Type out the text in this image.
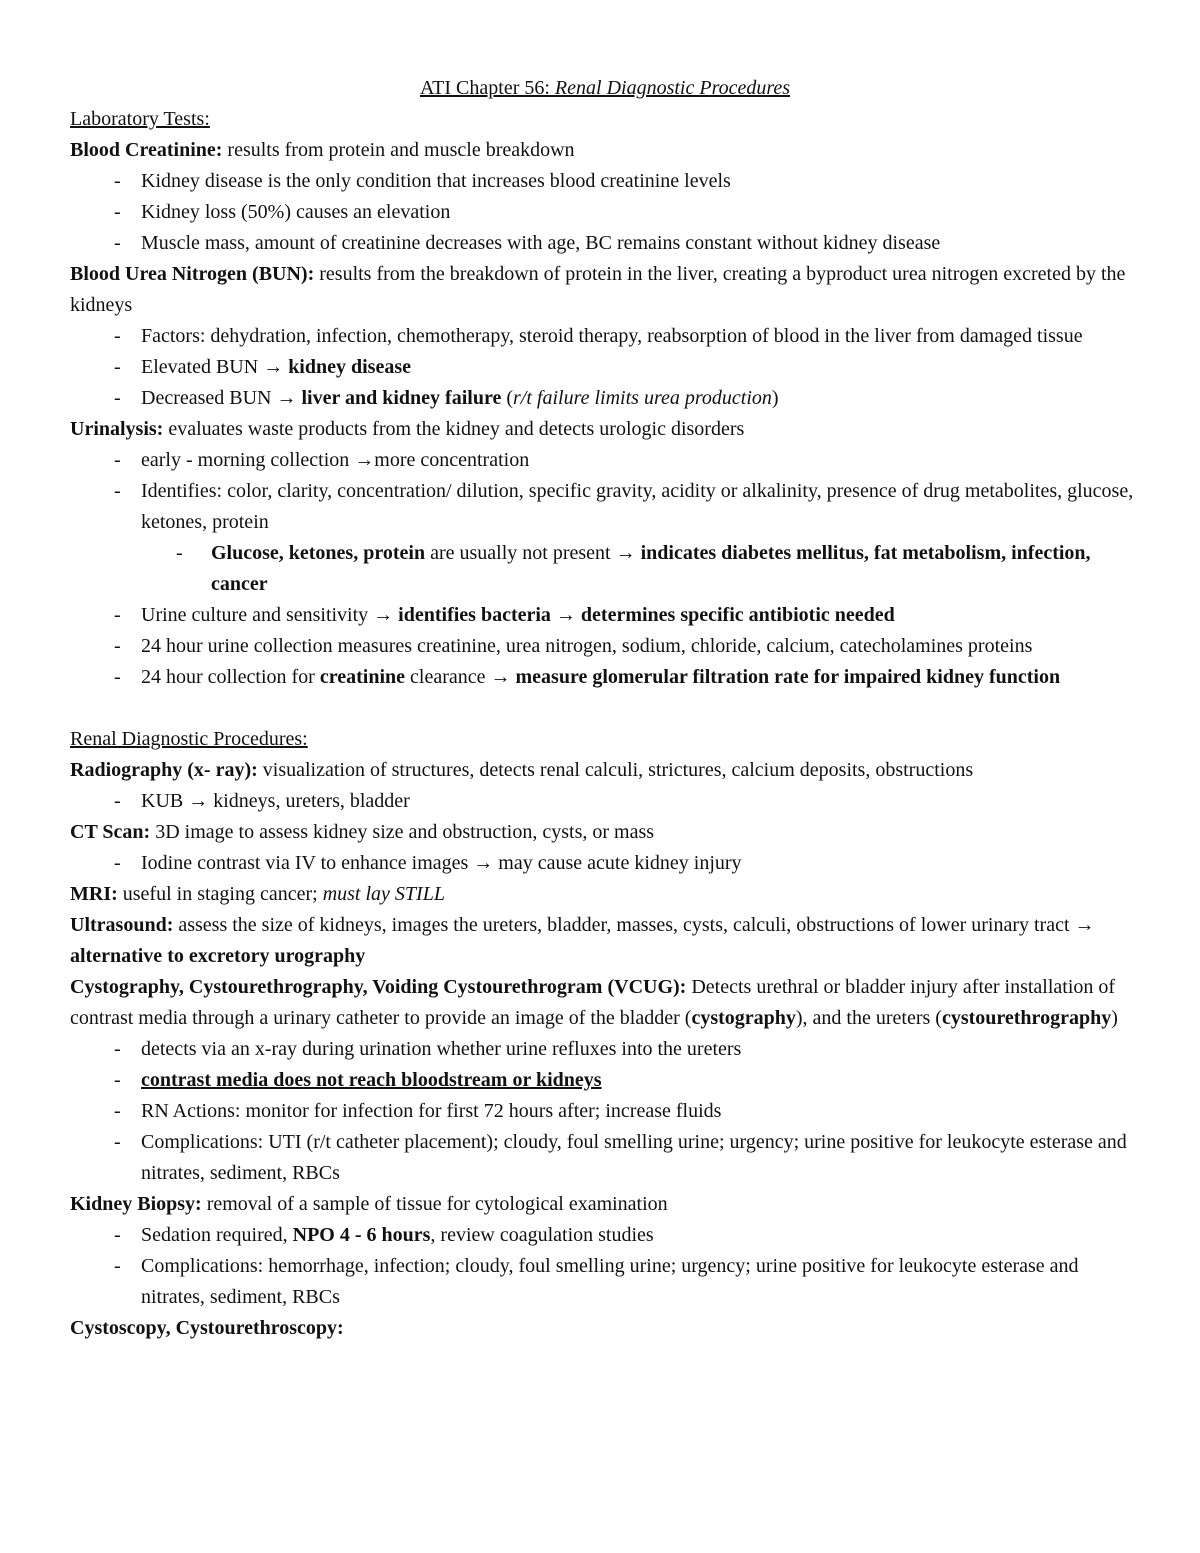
ATI Chapter 56: Renal Diagnostic Procedures

Laboratory Tests:

Blood Creatinine: results from protein and muscle breakdown

- Kidney disease is the only condition that increases blood creatinine levels

- Kidney loss (50%) causes an elevation

- Muscle mass, amount of creatinine decreases with age, BC remains constant without kidney disease

Blood Urea Nitrogen (BUN): results from the breakdown of protein in the liver, creating a byproduct urea nitrogen excreted by the kidneys

- Factors: dehydration, infection, chemotherapy, steroid therapy, reabsorption of blood in the liver from damaged tissue

- Elevated BUN → kidney disease

- Decreased BUN → liver and kidney failure (r/t failure limits urea production)

Urinalysis: evaluates waste products from the kidney and detects urologic disorders

- early - morning collection →more concentration

- Identifies: color, clarity, concentration/ dilution, specific gravity, acidity or alkalinity, presence of drug metabolites, glucose, ketones, protein

- Glucose, ketones, protein are usually not present → indicates diabetes mellitus, fat metabolism, infection, cancer

- Urine culture and sensitivity → identifies bacteria → determines specific antibiotic needed

- 24 hour urine collection measures creatinine, urea nitrogen, sodium, chloride, calcium, catecholamines proteins

- 24 hour collection for creatinine clearance → measure glomerular filtration rate for impaired kidney function

Renal Diagnostic Procedures:

Radiography (x- ray): visualization of structures, detects renal calculi, strictures, calcium deposits, obstructions

- KUB → kidneys, ureters, bladder

CT Scan: 3D image to assess kidney size and obstruction, cysts, or mass

- Iodine contrast via IV to enhance images → may cause acute kidney injury

MRI: useful in staging cancer; must lay STILL

Ultrasound: assess the size of kidneys, images the ureters, bladder, masses, cysts, calculi, obstructions of lower urinary tract → alternative to excretory urography

Cystography, Cystourethrography, Voiding Cystourethrogram (VCUG): Detects urethral or bladder injury after installation of contrast media through a urinary catheter to provide an image of the bladder (cystography), and the ureters (cystourethrography)

- detects via an x-ray during urination whether urine refluxes into the ureters

- contrast media does not reach bloodstream or kidneys

- RN Actions: monitor for infection for first 72 hours after; increase fluids

- Complications: UTI (r/t catheter placement); cloudy, foul smelling urine; urgency; urine positive for leukocyte esterase and nitrates, sediment, RBCs

Kidney Biopsy: removal of a sample of tissue for cytological examination

- Sedation required, NPO 4 - 6 hours, review coagulation studies

- Complications: hemorrhage, infection; cloudy, foul smelling urine; urgency; urine positive for leukocyte esterase and nitrates, sediment, RBCs

Cystoscopy, Cystourethroscopy:
